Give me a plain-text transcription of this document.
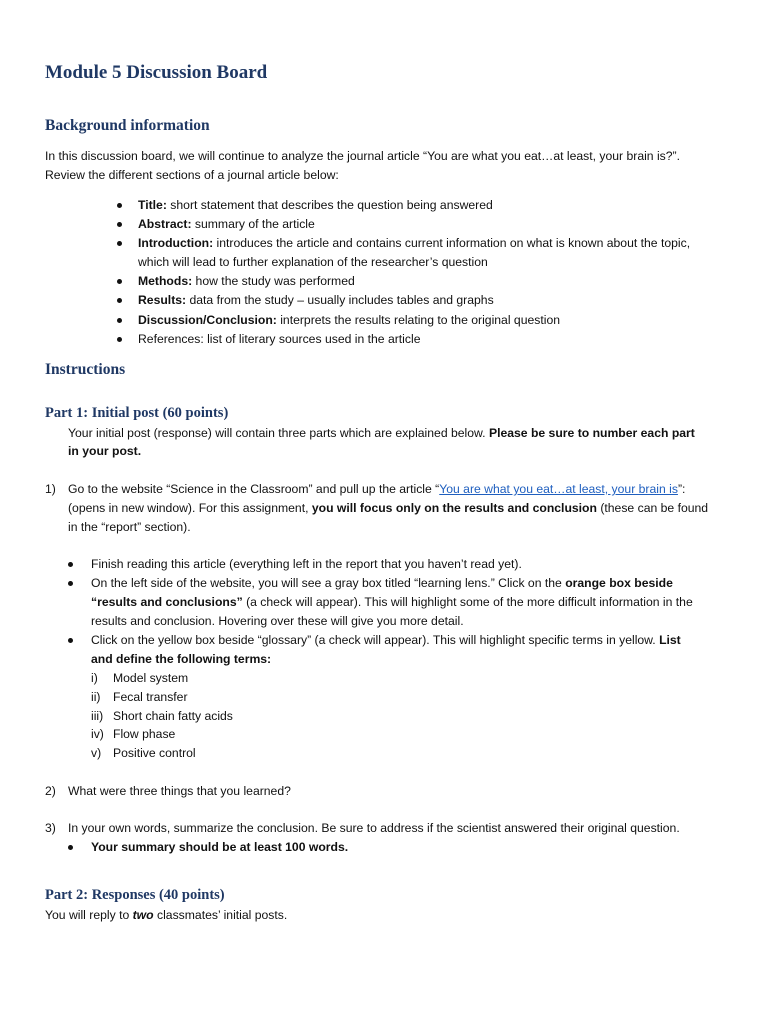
Module 5 Discussion Board
Background information
In this discussion board, we will continue to analyze the journal article “You are what you eat…at least, your brain is?”.
Review the different sections of a journal article below:
Title: short statement that describes the question being answered
Abstract: summary of the article
Introduction: introduces the article and contains current information on what is known about the topic,
which will lead to further explanation of the researcher’s question
Methods: how the study was performed
Results: data from the study – usually includes tables and graphs
Discussion/Conclusion: interprets the results relating to the original question
References: list of literary sources used in the article
Instructions
Part 1: Initial post (60 points)
Your initial post (response) will contain three parts which are explained below. Please be sure to number each part
in your post.
1) Go to the website “Science in the Classroom” and pull up the article “You are what you eat…at least, your brain is”:
(opens in new window). For this assignment, you will focus only on the results and conclusion (these can be found
in the “report” section).
Finish reading this article (everything left in the report that you haven’t read yet).
On the left side of the website, you will see a gray box titled “learning lens.” Click on the orange box beside
“results and conclusions” (a check will appear). This will highlight some of the more difficult information in the
results and conclusion. Hovering over these will give you more detail.
Click on the yellow box beside “glossary” (a check will appear). This will highlight specific terms in yellow. List
and define the following terms:
i) Model system
ii) Fecal transfer
iii) Short chain fatty acids
iv) Flow phase
v) Positive control
2) What were three things that you learned?
3) In your own words, summarize the conclusion. Be sure to address if the scientist answered their original question.
Your summary should be at least 100 words.
Part 2: Responses (40 points)
You will reply to two classmates’ initial posts.
